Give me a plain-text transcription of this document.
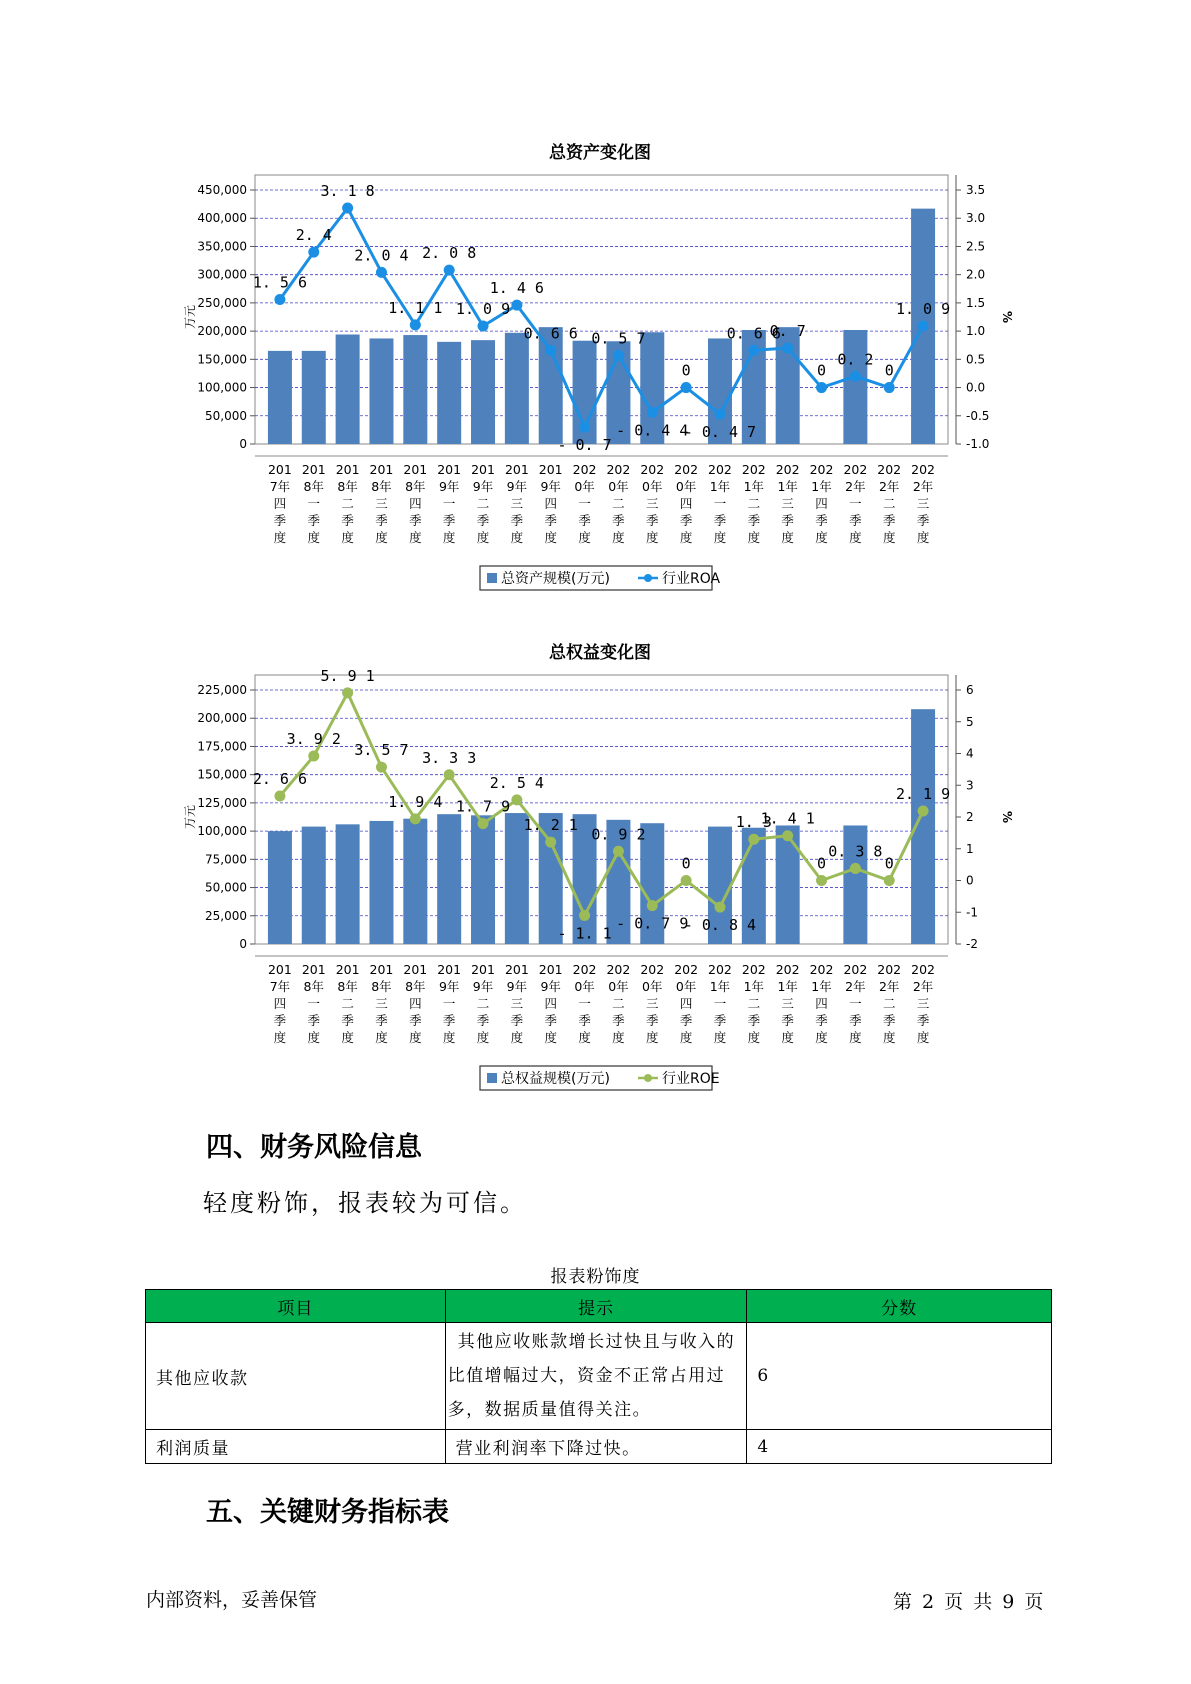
总资产变化图
0
50,000
100,000
150,000
200,000
250,000
300,000
350,000
400,000
450,000
-1.0
-0.5
0.0
0.5
1.0
1.5
2.0
2.5
3.0
3.5
万元	%
201
7年
四
季
度
201
8年
一
季
度
201
8年
二
季
度
201
8年
三
季
度
201
8年
四
季
度
201
9年
一
季
度
201
9年
二
季
度
201
9年
三
季
度
201
9年
四
季
度
202
0年
一
季
度
202
0年
二
季
度
202
0年
三
季
度
202
0年
四
季
度
202
1年
一
季
度
202
1年
二
季
度
202
1年
三
季
度
202
1年
四
季
度
202
2年
一
季
度
202
2年
二
季
度
202
2年
三
季
度
1. 5 6
2. 4
3. 1 8
2. 0 4
1. 1 1
2. 0 8
1. 0 9
1. 4 6
0. 6 6
- 0. 7
0. 5 7
- 0. 4 4
0
- 0. 4 7
0. 6 6
0. 7
0
0. 2
0
1. 0 9
总资产规模(万元)	行业ROA
总权益变化图
0
25,000
50,000
75,000
100,000
125,000
150,000
175,000
200,000
225,000
-2
-1
0
1
2
3
4
5
6
万元	%
201
7年
四
季
度
201
8年
一
季
度
201
8年
二
季
度
201
8年
三
季
度
201
8年
四
季
度
201
9年
一
季
度
201
9年
二
季
度
201
9年
三
季
度
201
9年
四
季
度
202
0年
一
季
度
202
0年
二
季
度
202
0年
三
季
度
202
0年
四
季
度
202
1年
一
季
度
202
1年
二
季
度
202
1年
三
季
度
202
1年
四
季
度
202
2年
一
季
度
202
2年
二
季
度
202
2年
三
季
度
2. 6 6
3. 9 2
5. 9 1
3. 5 7
1. 9 4
3. 3 3
1. 7 9
2. 5 4
1. 2 1
- 1. 1
0. 9 2
- 0. 7 9
0
- 0. 8 4
1. 3
1. 4 1
0
0. 3 8
0
2. 1 9
总权益规模(万元)	行业ROE
四、财务风险信息

轻度粉饰，报表较为可信。

报表粉饰度
项目	提示	分数
其他应收款	其他应收账款增长过快且与收入的比值增幅过大，资金不正常占用过多，数据质量值得关注。	6
利润质量	营业利润率下降过快。	4
五、关键财务指标表
内部资料，妥善保管	第 2 页 共 9 页
